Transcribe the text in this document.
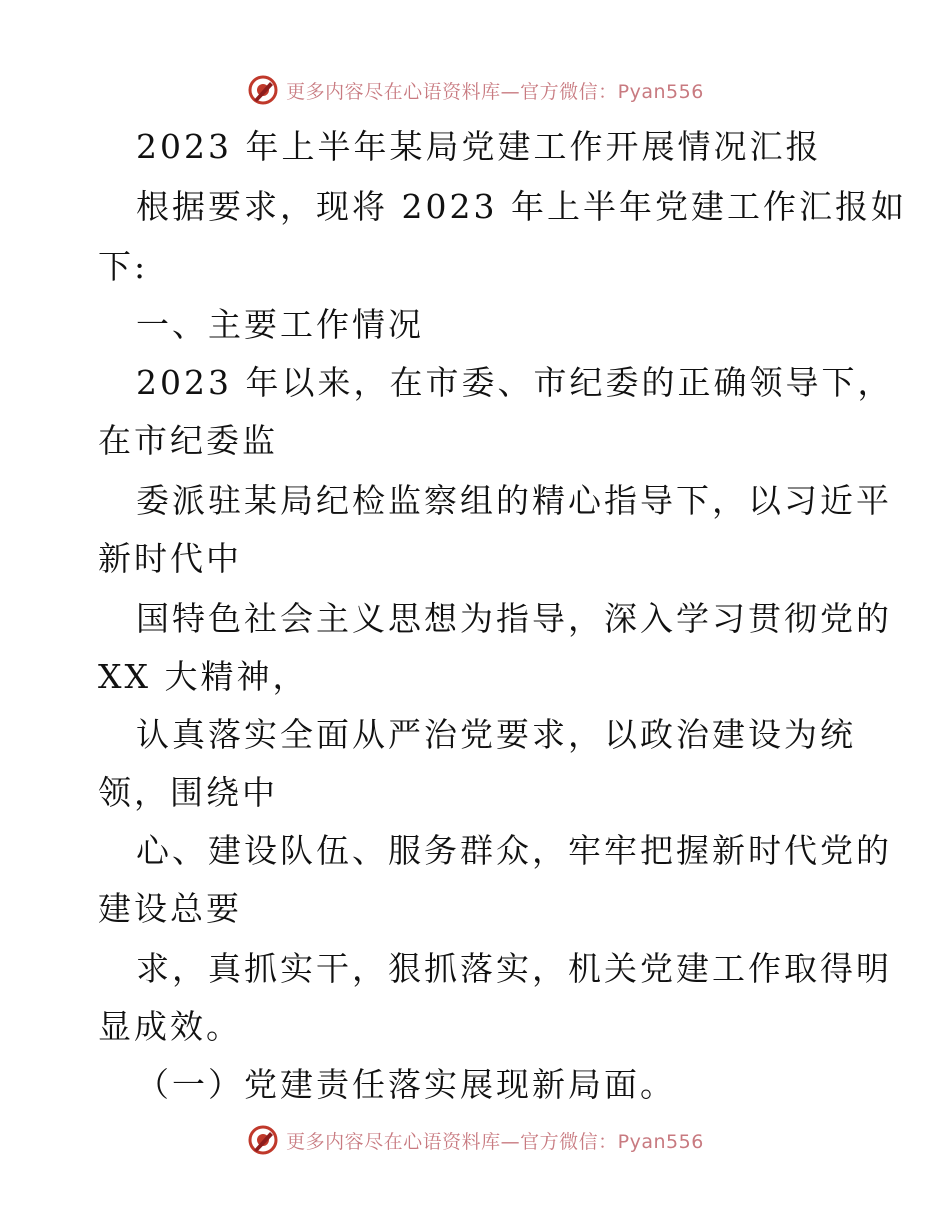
更多内容尽在心语资料库—官方微信：Pyan556
2023 年上半年某局党建工作开展情况汇报
根据要求，现将 2023 年上半年党建工作汇报如
下:
一、主要工作情况
2023 年以来，在市委、市纪委的正确领导下，
在市纪委监
委派驻某局纪检监察组的精心指导下，以习近平
新时代中
国特色社会主义思想为指导，深入学习贯彻党的
XX 大精神，
认真落实全面从严治党要求，以政治建设为统
领，围绕中
心、建设队伍、服务群众，牢牢把握新时代党的
建设总要
求，真抓实干，狠抓落实，机关党建工作取得明
显成效。
（一）党建责任落实展现新局面。
更多内容尽在心语资料库—官方微信：Pyan556
